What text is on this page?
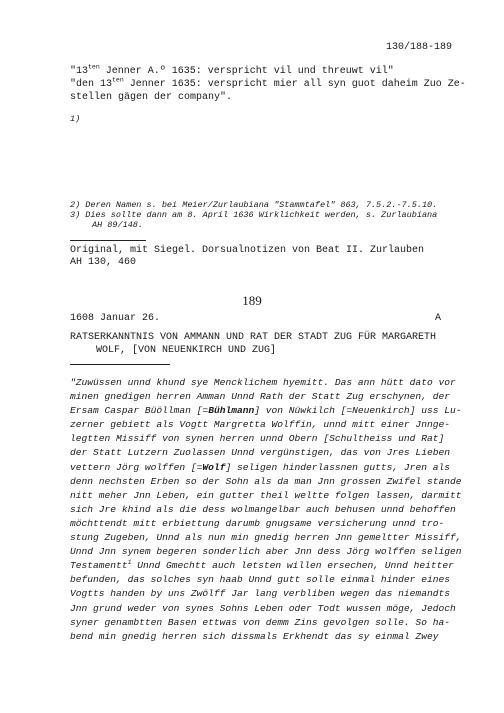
130/188-189
"$13^{ten}$ Jenner A.º 1635: verspricht vil und threuwt vil"
"den $13^{ten}$ Jenner 1635: verspricht mier all syn guot daheim Zuo Ze-
stellen gägen der company".
1)
2) Deren Namen s. bei Meier/Zurlaubiana "Stammtafel" 863, 7.5.2.-7.5.10.
3) Dies sollte dann am 8. April 1636 Wirklichkeit werden, s. Zurlaubiana
AH 89/148.
Original, mit Siegel. Dorsualnotizen von Beat II. Zurlauben
AH 130, 460
189
1608 Januar 26.	A
RATSERKANNTNIS VON AMMANN UND RAT DER STADT ZUG FÜR MARGARETH
WOLF, [VON NEUENKIRCH UND ZUG]
"Zuwüssen unnd khund sye Mencklichem hyemitt. Das ann hütt dato vor
minen gnedigen herren Amman Unnd Rath der Statt Zug erschynen, der
Ersam Caspar Büöllman [=Bühlmann] von Nüwkilch [=Neuenkirch] uss Lu-
zerner gebiett als Vogtt Margretta Wolffin, unnd mitt einer Jnnge-
legtten Missiff von synen herren unnd Obern [Schultheiss und Rat]
der Statt Lutzern Zuolassen Unnd vergünstigen, das von Jres Lieben
vettern Jörg wolffen [=Wolf] seligen hinderlassnen gutts, Jren als
denn nechsten Erben so der Sohn als da man Jnn grossen Zwifel stande
nitt meher Jnn Leben, ein gutter theil weltte folgen lassen, darmitt
sich Jre khind als die dess wolmangelbar auch behusen unnd behoffen
möchttendt mitt erbiettung darumb gnugsame versicherung unnd tro-
stung Zugeben, Unnd als nun min gnedig herren Jnn gemeltter Missiff,
Unnd Jnn synem begeren sonderlich aber Jnn dess Jörg wolffen seligen
Testamentt$^1$ Unnd Gmechtt auch letsten willen ersechen, Unnd heitter
befunden, das solches syn haab Unnd gutt solle einmal hinder eines
Vogtts handen by uns Zwölff Jar lang verbliben wegen das niemandts
Jnn grund weder von synes Sohns Leben oder Todt wussen möge, Jedoch
syner genambtten Basen ettwas von demm Zins gevolgen solle. So ha-
bend min gnedig herren sich dissmals Erkhendt das sy einmal Zwey
